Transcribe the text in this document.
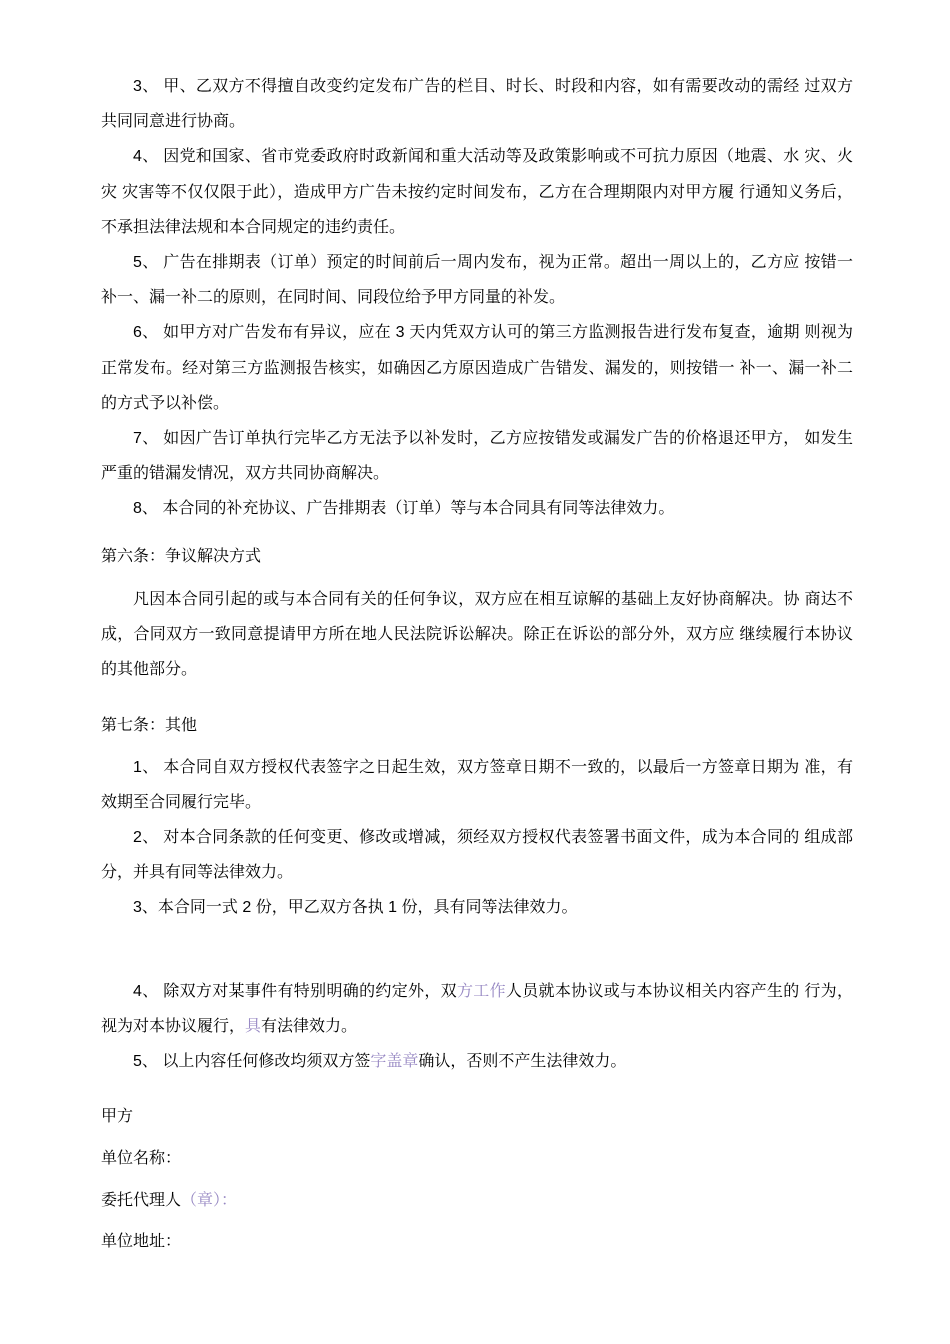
3、 甲、乙双方不得擅自改变约定发布广告的栏目、时长、时段和内容，如有需要改动的需经 过双方共同同意进行协商。

4、 因党和国家、省市党委政府时政新闻和重大活动等及政策影响或不可抗力原因（地震、水 灾、火灾 灾害等不仅仅限于此），造成甲方广告未按约定时间发布，乙方在合理期限内对甲方履 行通知义务后，不承担法律法规和本合同规定的违约责任。

5、 广告在排期表（订单）预定的时间前后一周内发布，视为正常。超出一周以上的，乙方应 按错一补一、漏一补二的原则，在同时间、同段位给予甲方同量的补发。

6、 如甲方对广告发布有异议，应在 3 天内凭双方认可的第三方监测报告进行发布复查，逾期 则视为正常发布。经对第三方监测报告核实，如确因乙方原因造成广告错发、漏发的，则按错一 补一、漏一补二的方式予以补偿。

7、 如因广告订单执行完毕乙方无法予以补发时，乙方应按错发或漏发广告的价格退还甲方， 如发生严重的错漏发情况，双方共同协商解决。

8、 本合同的补充协议、广告排期表（订单）等与本合同具有同等法律效力。

第六条：争议解决方式

凡因本合同引起的或与本合同有关的任何争议，双方应在相互谅解的基础上友好协商解决。协 商达不成，合同双方一致同意提请甲方所在地人民法院诉讼解决。除正在诉讼的部分外，双方应 继续履行本协议的其他部分。

第七条：其他

1、 本合同自双方授权代表签字之日起生效，双方签章日期不一致的，以最后一方签章日期为 准，有效期至合同履行完毕。

2、 对本合同条款的任何变更、修改或增减，须经双方授权代表签署书面文件，成为本合同的 组成部分，并具有同等法律效力。

3、本合同一式 2 份，甲乙双方各执 1 份，具有同等法律效力。

4、 除双方对某事件有特别明确的约定外，双方工作人员就本协议或与本协议相关内容产生的 行为，视为对本协议履行，具有法律效力。

5、 以上内容任何修改均须双方签字盖章确认，否则不产生法律效力。

甲方

单位名称：

委托代理人（章）：

单位地址：
